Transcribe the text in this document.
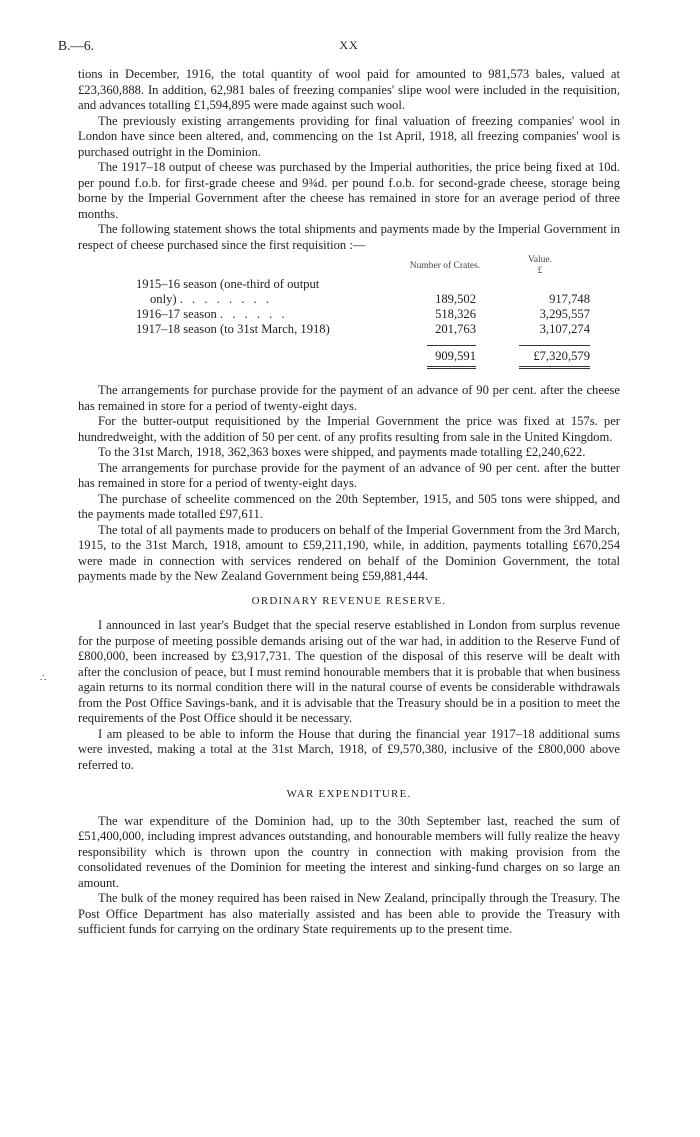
B.—6.	XX
∴

tions in December, 1916, the total quantity of wool paid for amounted to 981,573 bales, valued at £23,360,888. In addition, 62,981 bales of freezing companies' slipe wool were included in the requisition, and advances totalling £1,594,895 were made against such wool.

The previously existing arrangements providing for final valuation of freezing companies' wool in London have since been altered, and, commencing on the 1st April, 1918, all freezing companies' wool is purchased outright in the Dominion.

The 1917–18 output of cheese was purchased by the Imperial authorities, the price being fixed at 10d. per pound f.o.b. for first-grade cheese and 9¾d. per pound f.o.b. for second-grade cheese, storage being borne by the Imperial Government after the cheese has remained in store for an average period of three months.

The following statement shows the total shipments and payments made by the Imperial Government in respect of cheese purchased since the first requisition :—

	Number of Crates.	Value.
£
1915–16 season (one-third of output		
only) . . . . . . . .	189,502	917,748
1916–17 season . . . . . .	518,326	3,295,557
1917–18 season (to 31st March, 1918)	201,763	3,107,274
	909,591	£7,320,579

The arrangements for purchase provide for the payment of an advance of 90 per cent. after the cheese has remained in store for a period of twenty-eight days.

For the butter-output requisitioned by the Imperial Government the price was fixed at 157s. per hundredweight, with the addition of 50 per cent. of any profits resulting from sale in the United Kingdom.

To the 31st March, 1918, 362,363 boxes were shipped, and payments made totalling £2,240,622.

The arrangements for purchase provide for the payment of an advance of 90 per cent. after the butter has remained in store for a period of twenty-eight days.

The purchase of scheelite commenced on the 20th September, 1915, and 505 tons were shipped, and the payments made totalled £97,611.

The total of all payments made to producers on behalf of the Imperial Government from the 3rd March, 1915, to the 31st March, 1918, amount to £59,211,190, while, in addition, payments totalling £670,254 were made in connection with services rendered on behalf of the Dominion Government, the total payments made by the New Zealand Government being £59,881,444.

ORDINARY REVENUE RESERVE.

I announced in last year's Budget that the special reserve established in London from surplus revenue for the purpose of meeting possible demands arising out of the war had, in addition to the Reserve Fund of £800,000, been increased by £3,917,731. The question of the disposal of this reserve will be dealt with after the conclusion of peace, but I must remind honourable members that it is probable that when business again returns to its normal condition there will in the natural course of events be considerable withdrawals from the Post Office Savings-bank, and it is advisable that the Treasury should be in a position to meet the requirements of the Post Office should it be necessary.

I am pleased to be able to inform the House that during the financial year 1917–18 additional sums were invested, making a total at the 31st March, 1918, of £9,570,380, inclusive of the £800,000 above referred to.

WAR EXPENDITURE.

The war expenditure of the Dominion had, up to the 30th September last, reached the sum of £51,400,000, including imprest advances outstanding, and honourable members will fully realize the heavy responsibility which is thrown upon the country in connection with making provision from the consolidated revenues of the Dominion for meeting the interest and sinking-fund charges on so large an amount.

The bulk of the money required has been raised in New Zealand, principally through the Treasury. The Post Office Department has also materially assisted and has been able to provide the Treasury with sufficient funds for carrying on the ordinary State requirements up to the present time.
